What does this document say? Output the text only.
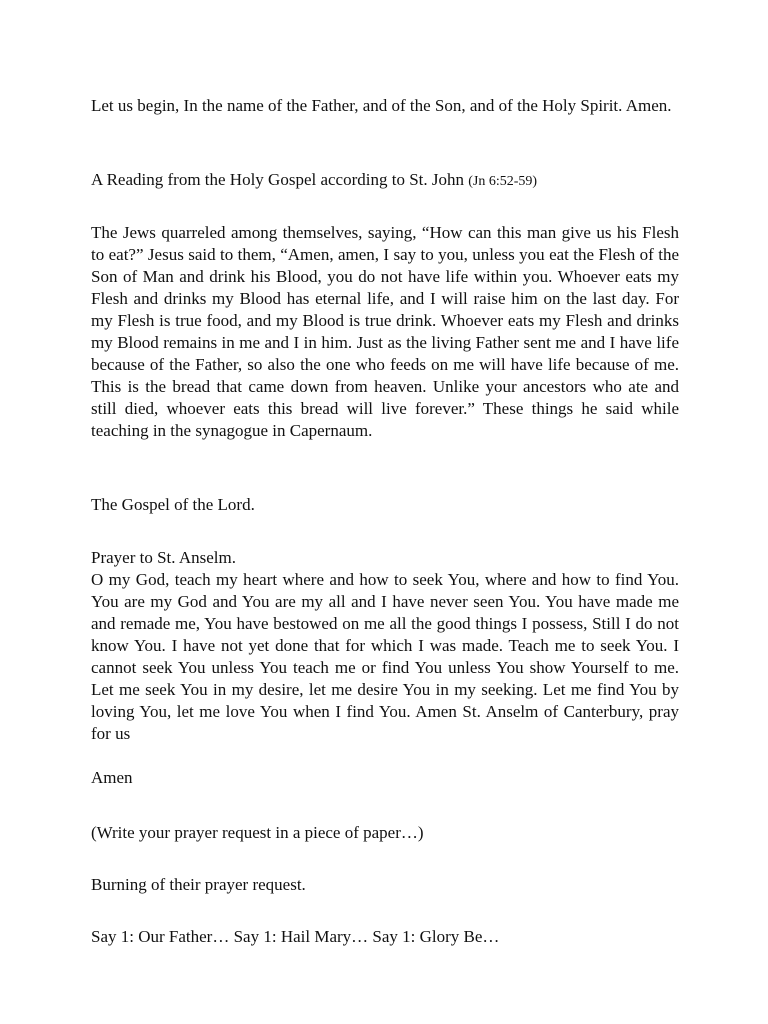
Let us begin, In the name of the Father, and of the Son, and of the Holy Spirit. Amen.

A Reading from the Holy Gospel according to St. John (Jn 6:52-59)

The Jews quarreled among themselves, saying, “How can this man give us his Flesh to eat?” Jesus said to them, “Amen, amen, I say to you, unless you eat the Flesh of the Son of Man and drink his Blood, you do not have life within you. Whoever eats my Flesh and drinks my Blood has eternal life, and I will raise him on the last day. For my Flesh is true food, and my Blood is true drink. Whoever eats my Flesh and drinks my Blood remains in me and I in him. Just as the living Father sent me and I have life because of the Father, so also the one who feeds on me will have life because of me. This is the bread that came down from heaven. Unlike your ancestors who ate and still died, whoever eats this bread will live forever.” These things he said while teaching in the synagogue in Capernaum.

The Gospel of the Lord.

Prayer to St. Anselm.

O my God, teach my heart where and how to seek You, where and how to find You. You are my God and You are my all and I have never seen You. You have made me and remade me, You have bestowed on me all the good things I possess, Still I do not know You. I have not yet done that for which I was made. Teach me to seek You. I cannot seek You unless You teach me or find You unless You show Yourself to me. Let me seek You in my desire, let me desire You in my seeking. Let me find You by loving You, let me love You when I find You. Amen St. Anselm of Canterbury, pray for us

Amen

(Write your prayer request in a piece of paper…)

Burning of their prayer request.

Say 1: Our Father… Say 1: Hail Mary… Say 1: Glory Be…
